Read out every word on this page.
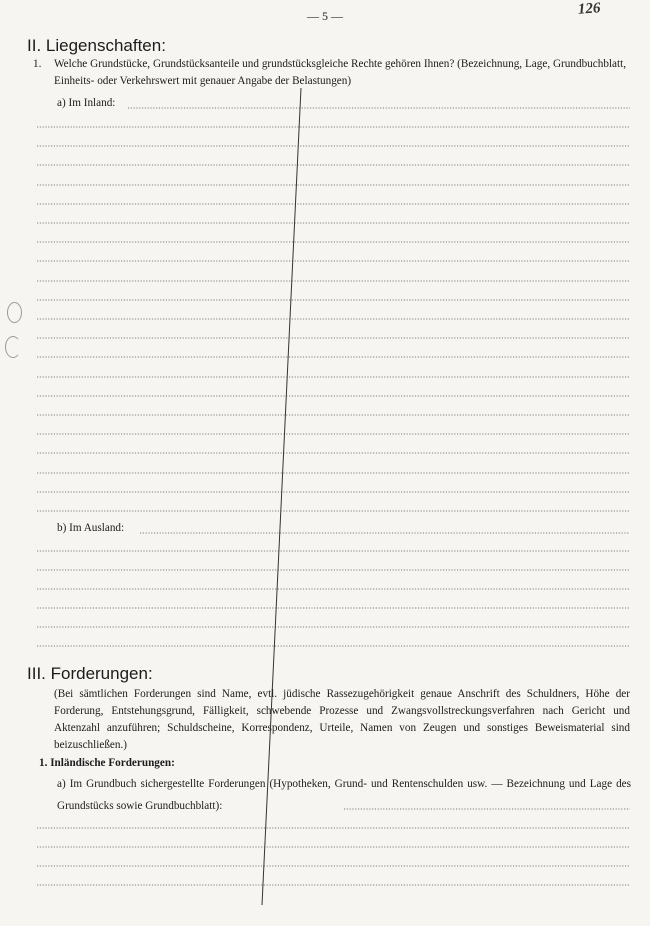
— 5 —	126
II. Liegenschaften:
1. Welche Grundstücke, Grundstücksanteile und grundstücksgleiche Rechte gehören Ihnen? (Bezeichnung, Lage, Grundbuchblatt, Einheits- oder Verkehrswert mit genauer Angabe der Belastungen)
a) Im Inland:
b) Im Ausland:
III. Forderungen:
(Bei sämtlichen Forderungen sind Name, evtl. jüdische Rassezugehörigkeit genaue Anschrift des Schuldners, Höhe der Forderung, Entstehungsgrund, Fälligkeit, schwebende Prozesse und Zwangsvollstreckungsverfahren nach Gericht und Aktenzahl anzuführen; Schuldscheine, Korrespondenz, Urteile, Namen von Zeugen und sonstiges Beweismaterial sind beizuschließen.)
1. Inländische Forderungen:
a) Im Grundbuch sichergestellte Forderungen (Hypotheken, Grund- und Rentenschulden usw. — Bezeichnung und Lage des Grundstücks sowie Grundbuchblatt):
